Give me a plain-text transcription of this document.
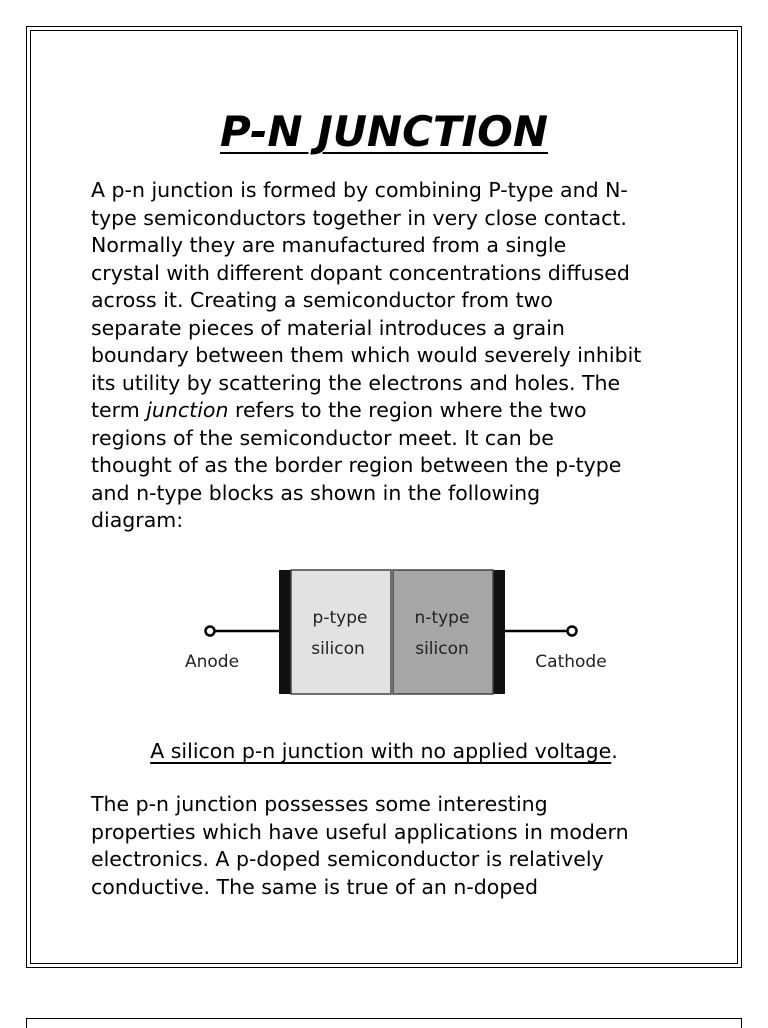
P-N JUNCTION

A p-n junction is formed by combining P-type and N-
type semiconductors together in very close contact.
Normally they are manufactured from a single
crystal with different dopant concentrations diffused
across it. Creating a semiconductor from two
separate pieces of material introduces a grain
boundary between them which would severely inhibit
its utility by scattering the electrons and holes. The
term junction refers to the region where the two
regions of the semiconductor meet. It can be
thought of as the border region between the p-type
and n-type blocks as shown in the following
diagram:

p-type
silicon
n-type
silicon
Anode	Cathode
A silicon p-n junction with no applied voltage.

The p-n junction possesses some interesting
properties which have useful applications in modern
electronics. A p-doped semiconductor is relatively
conductive. The same is true of an n-doped
